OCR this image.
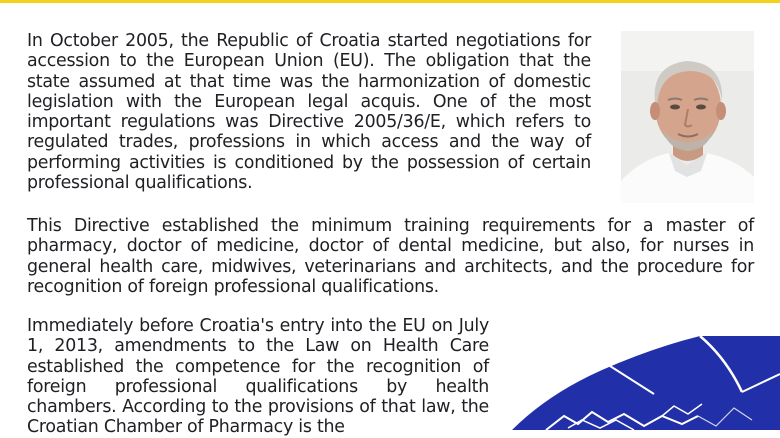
In October 2005, the Republic of Croatia started negotiations for accession to the European Union (EU). The obligation that the state assumed at that time was the harmonization of domestic legislation with the European legal acquis. One of the most important regulations was Directive 2005/36/E, which refers to regulated trades, professions in which access and the way of performing activities is conditioned by the possession of certain professional qualifications.

This Directive established the minimum training requirements for a master of pharmacy, doctor of medicine, doctor of dental medicine, but also, for nurses in general health care, midwives, veterinarians and architects, and the procedure for recognition of foreign professional qualifications.

Immediately before Croatia's entry into the EU on July 1, 2013, amendments to the Law on Health Care established the competence for the recognition of foreign professional qualifications by health chambers. According to the provisions of that law, the Croatian Chamber of Pharmacy is the
